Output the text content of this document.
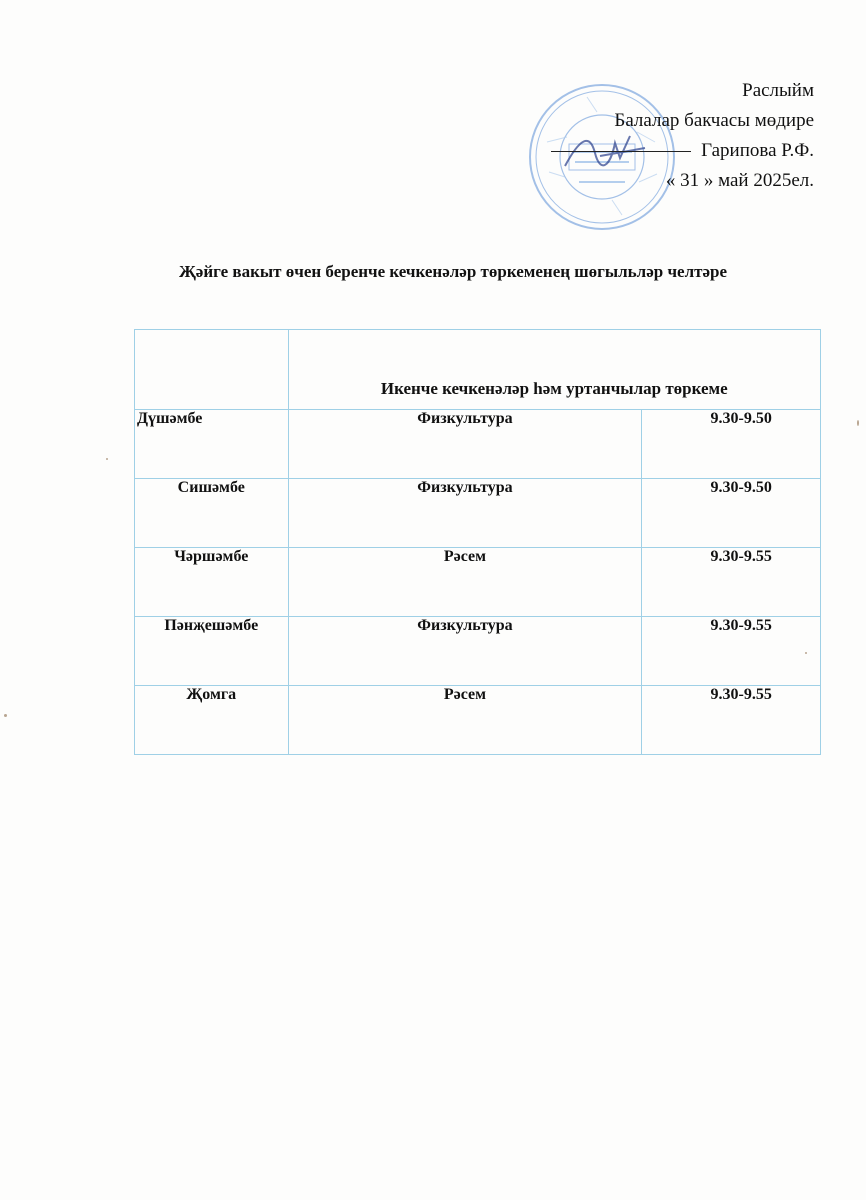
Раслыйм
Балалар бакчасы мөдире
Гарипова Р.Ф.
« 31 » май 2025ел.
Җәйге вакыт өчен беренче кечкенәләр төркеменең шөгыльләр челтәре
	Икенче кечкенәләр һәм уртанчылар төркеме	
Дүшәмбе	Физкультура	9.30-9.50
Сишәмбе	Физкультура	9.30-9.50
Чәршәмбе	Рәсем	9.30-9.55
Пәнҗешәмбе	Физкультура	9.30-9.55
Җомга	Рәсем	9.30-9.55
